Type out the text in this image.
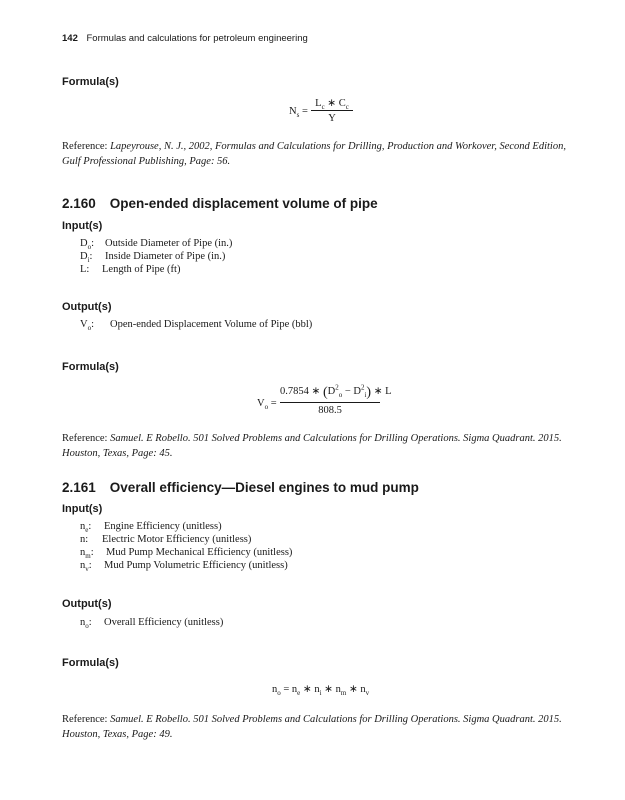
142 Formulas and calculations for petroleum engineering
Formula(s)
$N_s$ =
$L_c$ ∗ $C_c$
Y
Reference: Lapeyrouse, N. J., 2002, Formulas and Calculations for Drilling, Production and Workover, Second Edition, Gulf Professional Publishing, Page: 56.
2.160 Open-ended displacement volume of pipe
Input(s)
$D_o$: Outside Diameter of Pipe (in.)
$D_i$: Inside Diameter of Pipe (in.)
L: Length of Pipe (ft)
Output(s)
$V_o$: Open-ended Displacement Volume of Pipe (bbl)
Formula(s)
$V_o$ =
0.7854 ∗ $(D^2_o - D^2_i)$ ∗ L
808.5
Reference: Samuel. E Robello. 501 Solved Problems and Calculations for Drilling Operations. Sigma Quadrant. 2015. Houston, Texas, Page: 45.
2.161 Overall efficiency—Diesel engines to mud pump
Input(s)
$n_e$: Engine Efficiency (unitless)
n: Electric Motor Efficiency (unitless)
$n_m$: Mud Pump Mechanical Efficiency (unitless)
$n_v$: Mud Pump Volumetric Efficiency (unitless)
Output(s)
$n_o$: Overall Efficiency (unitless)
Formula(s)
$n_o = n_e$ ∗ $n_i$ ∗ $n_m$ ∗ $n_v$
Reference: Samuel. E Robello. 501 Solved Problems and Calculations for Drilling Operations. Sigma Quadrant. 2015. Houston, Texas, Page: 49.
